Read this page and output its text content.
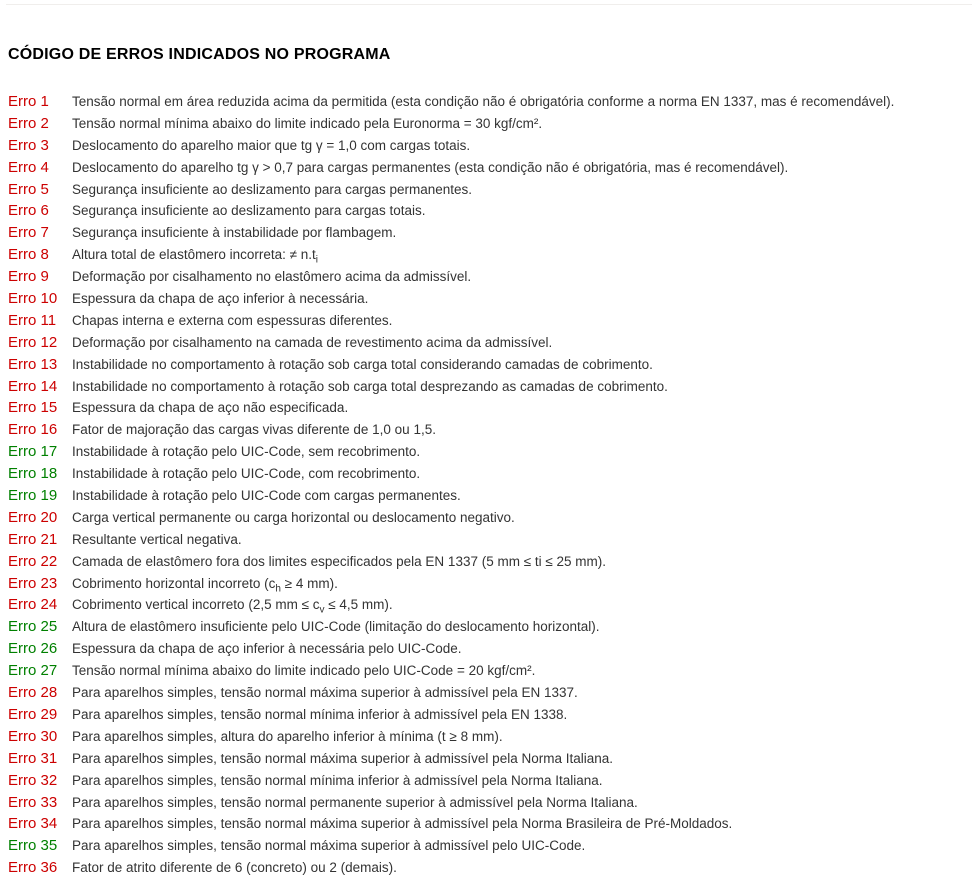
CÓDIGO DE ERROS INDICADOS NO PROGRAMA
Erro 1	Tensão normal em área reduzida acima da permitida (esta condição não é obrigatória conforme a norma EN 1337, mas é recomendável).
Erro 2	Tensão normal mínima abaixo do limite indicado pela Euronorma = 30 kgf/cm².
Erro 3	Deslocamento do aparelho maior que tg γ = 1,0 com cargas totais.
Erro 4	Deslocamento do aparelho tg γ > 0,7 para cargas permanentes (esta condição não é obrigatória, mas é recomendável).
Erro 5	Segurança insuficiente ao deslizamento para cargas permanentes.
Erro 6	Segurança insuficiente ao deslizamento para cargas totais.
Erro 7	Segurança insuficiente à instabilidade por flambagem.
Erro 8	Altura total de elastômero incorreta: ≠ $n.t_i$
Erro 9	Deformação por cisalhamento no elastômero acima da admissível.
Erro 10	Espessura da chapa de aço inferior à necessária.
Erro 11	Chapas interna e externa com espessuras diferentes.
Erro 12	Deformação por cisalhamento na camada de revestimento acima da admissível.
Erro 13	Instabilidade no comportamento à rotação sob carga total considerando camadas de cobrimento.
Erro 14	Instabilidade no comportamento à rotação sob carga total desprezando as camadas de cobrimento.
Erro 15	Espessura da chapa de aço não especificada.
Erro 16	Fator de majoração das cargas vivas diferente de 1,0 ou 1,5.
Erro 17	Instabilidade à rotação pelo UIC-Code, sem recobrimento.
Erro 18	Instabilidade à rotação pelo UIC-Code, com recobrimento.
Erro 19	Instabilidade à rotação pelo UIC-Code com cargas permanentes.
Erro 20	Carga vertical permanente ou carga horizontal ou deslocamento negativo.
Erro 21	Resultante vertical negativa.
Erro 22	Camada de elastômero fora dos limites especificados pela EN 1337 (5 mm ≤ ti ≤ 25 mm).
Erro 23	Cobrimento horizontal incorreto ($c_h \ge 4$ mm).
Erro 24	Cobrimento vertical incorreto (2,5 mm ≤ $c_v \le 4,5$ mm).
Erro 25	Altura de elastômero insuficiente pelo UIC-Code (limitação do deslocamento horizontal).
Erro 26	Espessura da chapa de aço inferior à necessária pelo UIC-Code.
Erro 27	Tensão normal mínima abaixo do limite indicado pelo UIC-Code = 20 kgf/cm².
Erro 28	Para aparelhos simples, tensão normal máxima superior à admissível pela EN 1337.
Erro 29	Para aparelhos simples, tensão normal mínima inferior à admissível pela EN 1338.
Erro 30	Para aparelhos simples, altura do aparelho inferior à mínima (t ≥ 8 mm).
Erro 31	Para aparelhos simples, tensão normal máxima superior à admissível pela Norma Italiana.
Erro 32	Para aparelhos simples, tensão normal mínima inferior à admissível pela Norma Italiana.
Erro 33	Para aparelhos simples, tensão normal permanente superior à admissível pela Norma Italiana.
Erro 34	Para aparelhos simples, tensão normal máxima superior à admissível pela Norma Brasileira de Pré-Moldados.
Erro 35	Para aparelhos simples, tensão normal máxima superior à admissível pelo UIC-Code.
Erro 36	Fator de atrito diferente de 6 (concreto) ou 2 (demais).
